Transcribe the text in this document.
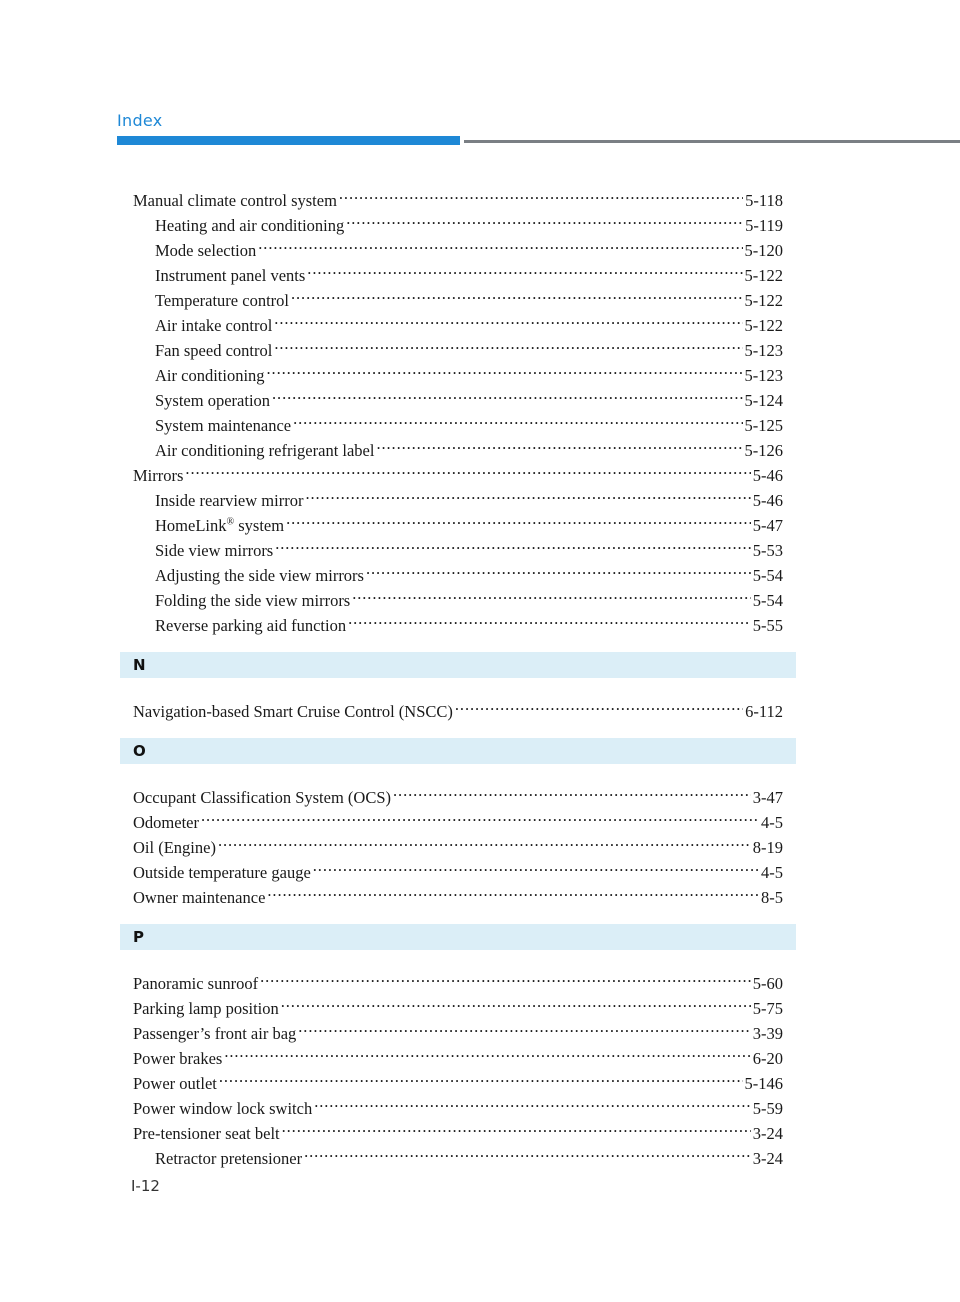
Index
Manual climate control system .....	5-118
Heating and air conditioning .....	5-119
Mode selection .....	5-120
Instrument panel vents .....	5-122
Temperature control .....	5-122
Air intake control .....	5-122
Fan speed control .....	5-123
Air conditioning .....	5-123
System operation .....	5-124
System maintenance .....	5-125
Air conditioning refrigerant label .....	5-126
Mirrors .....	5-46
Inside rearview mirror .....	5-46
HomeLink® system .....	5-47
Side view mirrors .....	5-53
Adjusting the side view mirrors .....	5-54
Folding the side view mirrors .....	5-54
Reverse parking aid function .....	5-55
N
Navigation-based Smart Cruise Control (NSCC) .....	6-112
O
Occupant Classification System (OCS) .....	3-47
Odometer .....	4-5
Oil (Engine) .....	8-19
Outside temperature gauge .....	4-5
Owner maintenance .....	8-5
P
Panoramic sunroof .....	5-60
Parking lamp position .....	5-75
Passenger’s front air bag .....	3-39
Power brakes .....	6-20
Power outlet .....	5-146
Power window lock switch .....	5-59
Pre-tensioner seat belt .....	3-24
Retractor pretensioner .....	3-24
I-12
